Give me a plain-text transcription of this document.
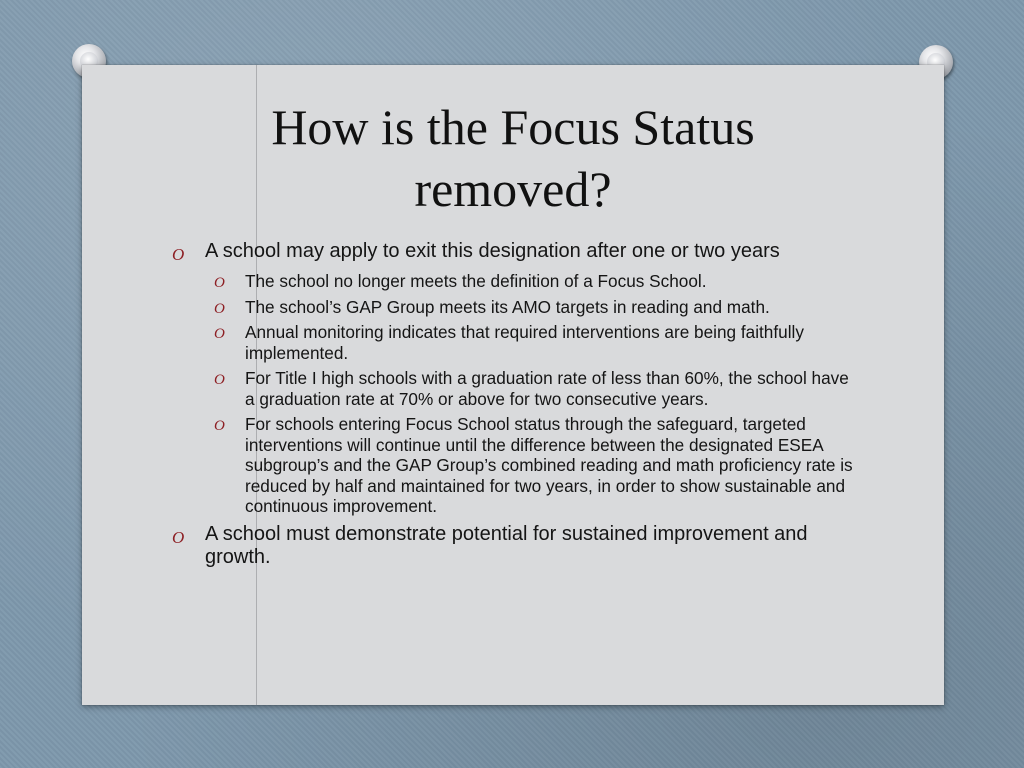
How is the Focus Status
removed?
O A school may apply to exit this designation after one or two years
O The school no longer meets the definition of a Focus School.
O The school’s GAP Group meets its AMO targets in reading and math.
O Annual monitoring indicates that required interventions are being faithfully implemented.
O For Title I high schools with a graduation rate of less than 60%, the school have a graduation rate at 70% or above for two consecutive years.
O For schools entering Focus School status through the safeguard, targeted interventions will continue until the difference between the designated ESEA subgroup’s and the GAP Group’s combined reading and math proficiency rate is reduced by half and maintained for two years, in order to show sustainable and continuous improvement.
O A school must demonstrate potential for sustained improvement and growth.
